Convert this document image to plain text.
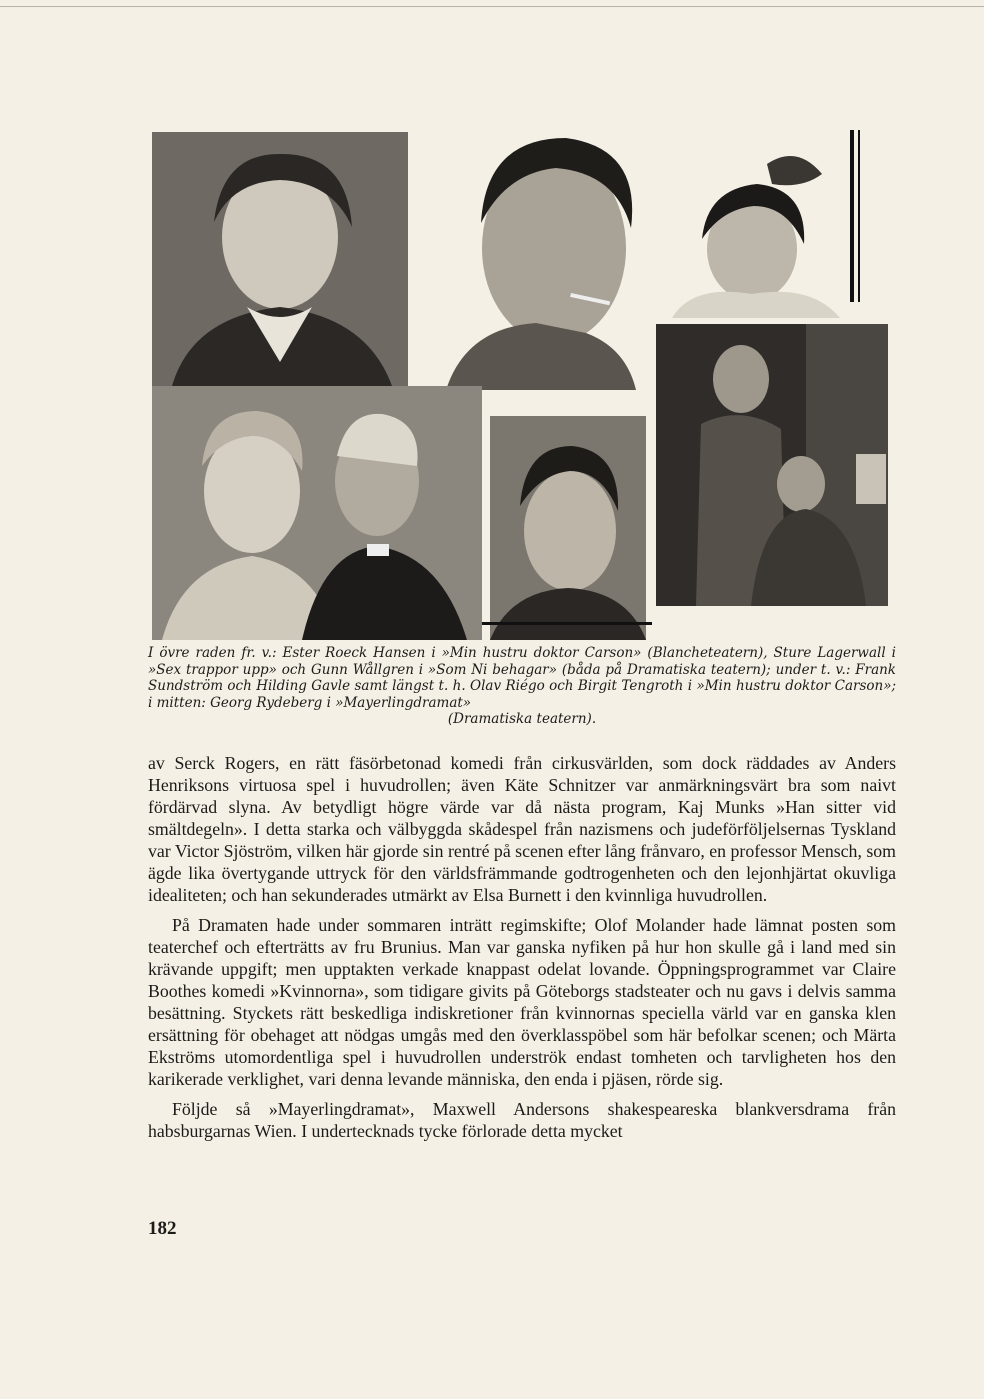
I övre raden fr. v.: Ester Roeck Hansen i »Min hustru doktor Carson» (Blancheteatern), Sture Lagerwall i »Sex trappor upp» och Gunn Wållgren i »Som Ni behagar» (båda på Dramatiska teatern); under t. v.: Frank Sundström och Hilding Gavle samt längst t. h. Olav Riégo och Birgit Tengroth i »Min hustru doktor Carson»; i mitten: Georg Rydeberg i »Mayerlingdramat»
(Dramatiska teatern).

av Serck Rogers, en rätt fäsörbetonad komedi från cirkusvärlden, som dock räddades av Anders Henriksons virtuosa spel i huvudrollen; även Käte Schnitzer var anmärkningsvärt bra som naivt fördärvad slyna. Av betydligt högre värde var då nästa program, Kaj Munks »Han sitter vid smältdegeln». I detta starka och välbyggda skådespel från nazismens och judeförföljelsernas Tyskland var Victor Sjöström, vilken här gjorde sin rentré på scenen efter lång frånvaro, en professor Mensch, som ägde lika övertygande uttryck för den världsfrämmande godtrogenheten och den lejonhjärtat okuvliga idealiteten; och han sekunderades utmärkt av Elsa Burnett i den kvinnliga huvudrollen.

På Dramaten hade under sommaren inträtt regimskifte; Olof Molander hade lämnat posten som teaterchef och efterträtts av fru Brunius. Man var ganska nyfiken på hur hon skulle gå i land med sin krävande uppgift; men upptakten verkade knappast odelat lovande. Öppningsprogrammet var Claire Boothes komedi »Kvinnorna», som tidigare givits på Göteborgs stadsteater och nu gavs i delvis samma besättning. Styckets rätt beskedliga indiskretioner från kvinnornas speciella värld var en ganska klen ersättning för obehaget att nödgas umgås med den överklasspöbel som här befolkar scenen; och Märta Ekströms utomordentliga spel i huvudrollen underströk endast tomheten och tarvligheten hos den karikerade verklighet, vari denna levande människa, den enda i pjäsen, rörde sig.

Följde så »Mayerlingdramat», Maxwell Andersons shakespeareska blankversdrama från habsburgarnas Wien. I undertecknads tycke förlorade detta mycket

182
